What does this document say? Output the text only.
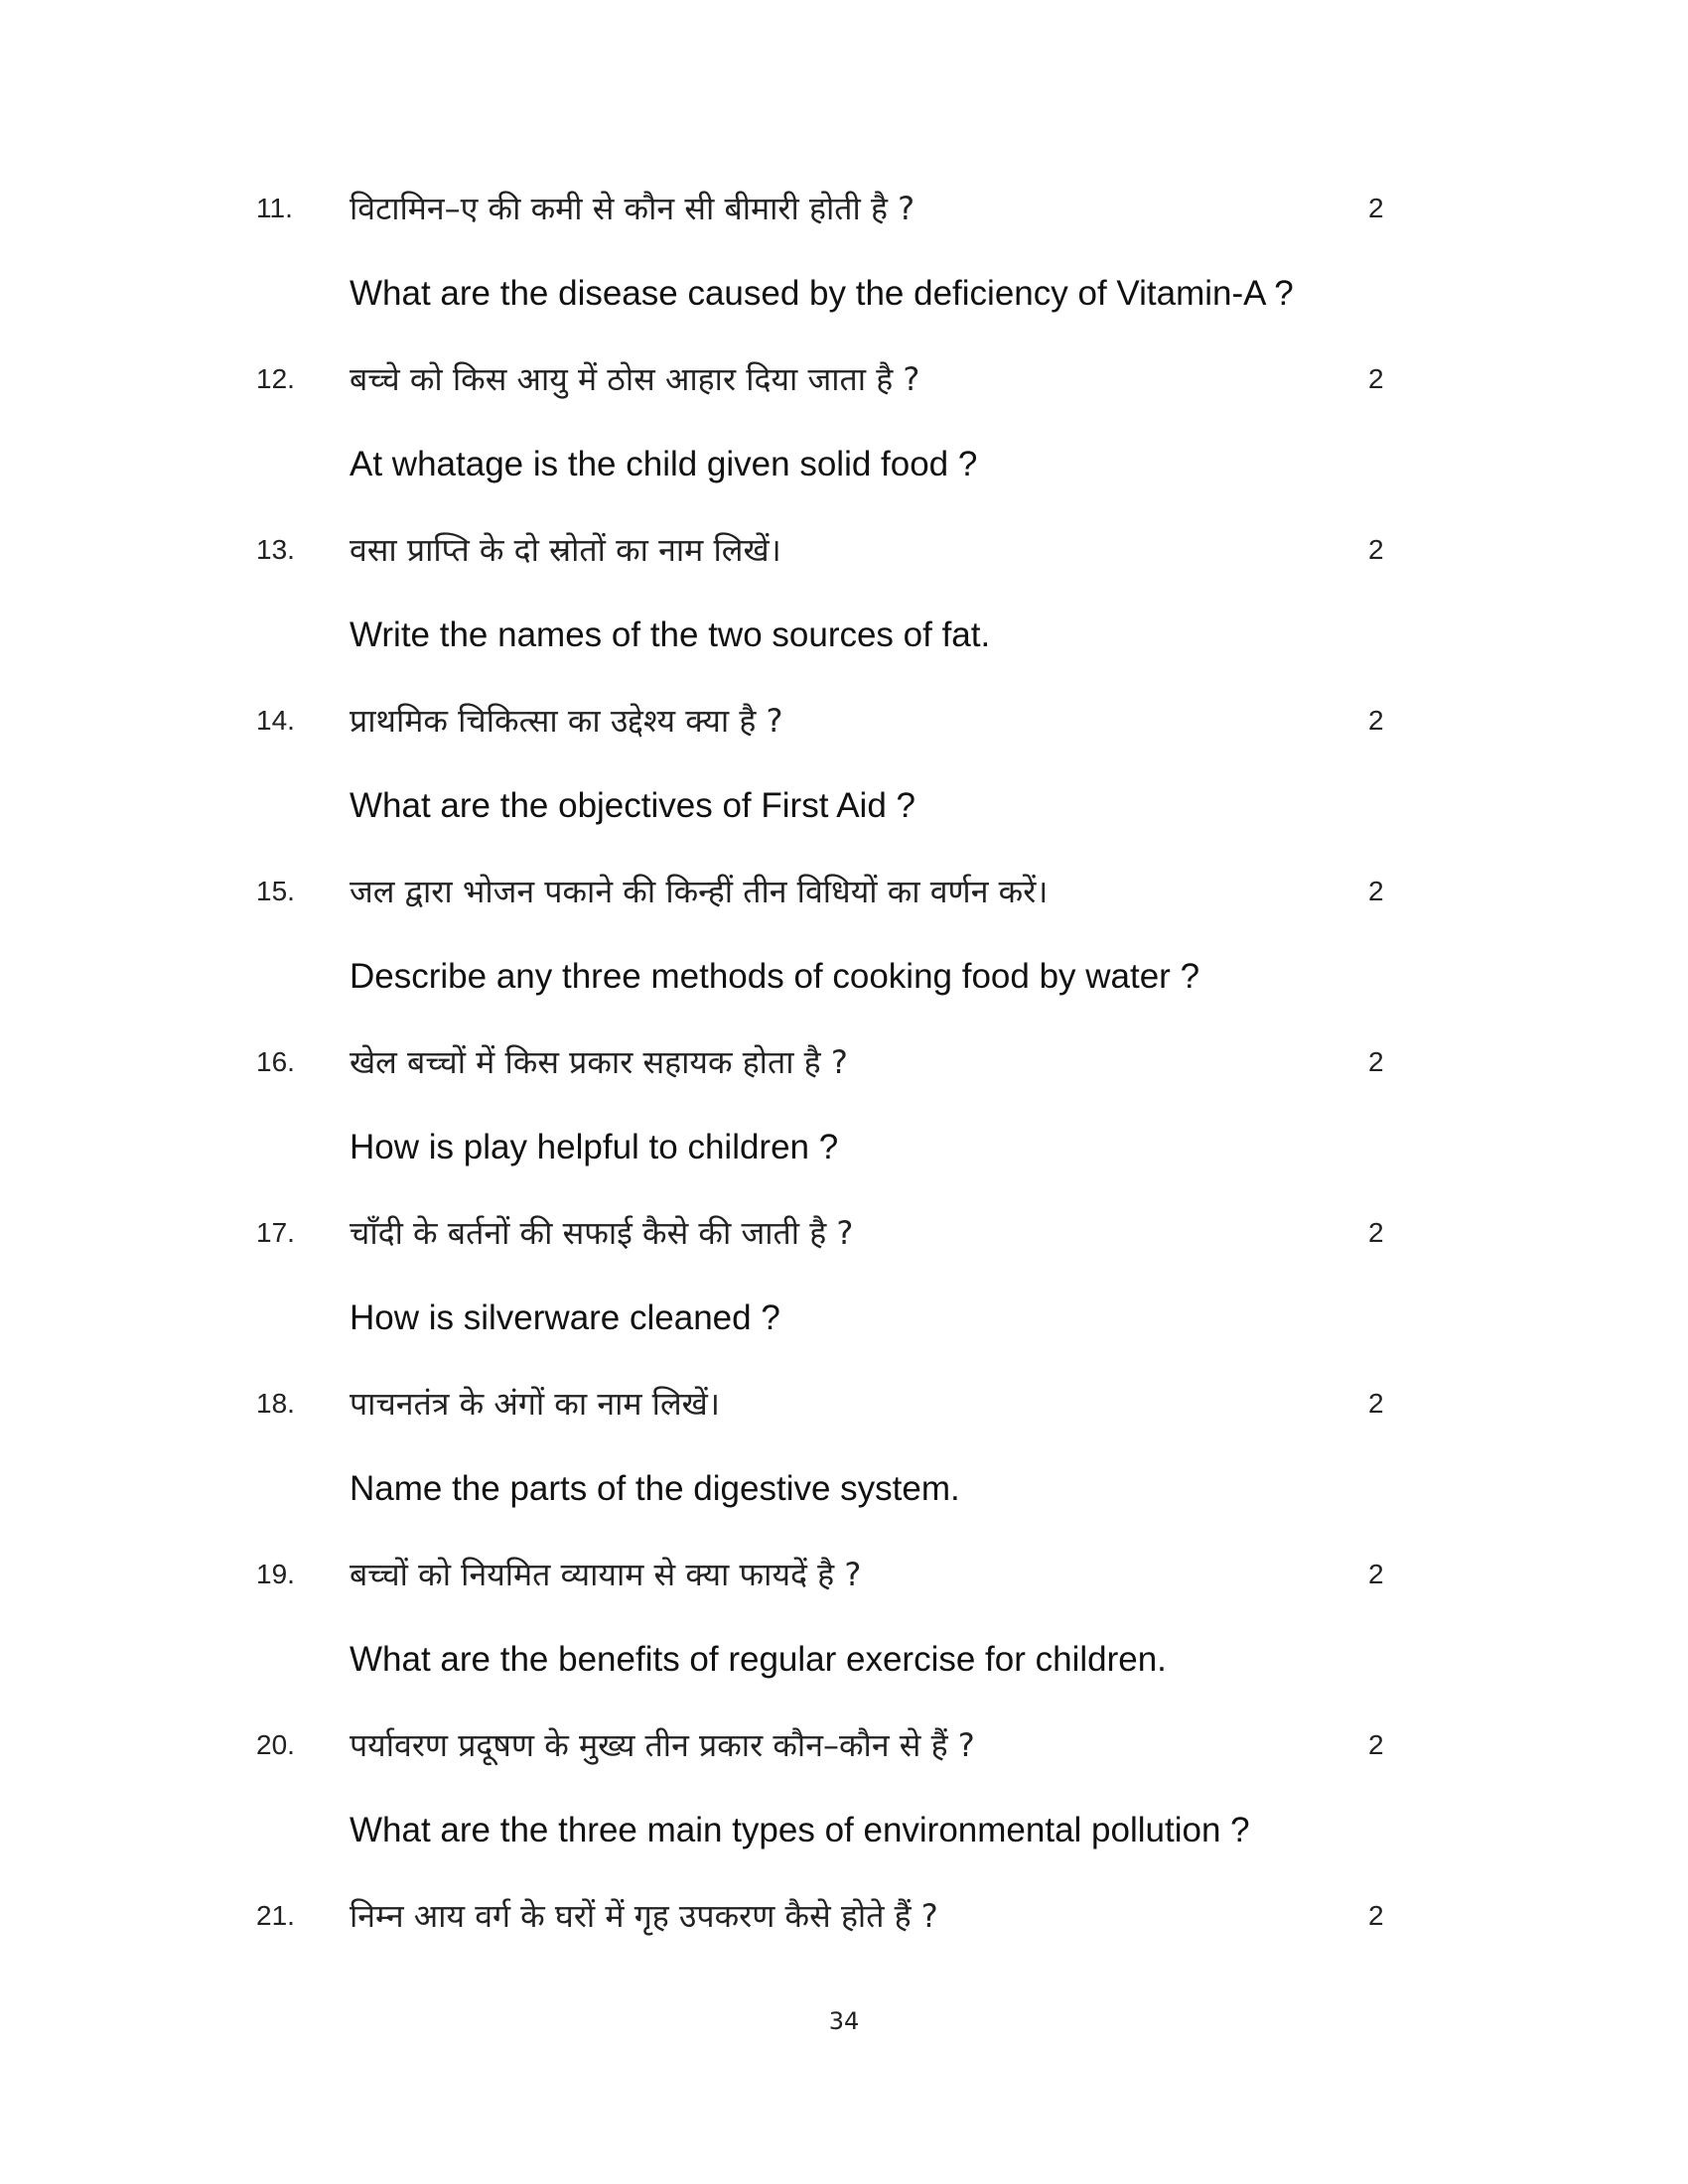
11. विटामिन–ए की कमी से कौन सी बीमारी होती है ?	2
What are the disease caused by the deficiency of Vitamin-A ?
12. बच्चे को किस आयु में ठोस आहार दिया जाता है ?	2
At whatage is the child given solid food ?
13. वसा प्राप्ति के दो स्रोतों का नाम लिखें।	2
Write the names of the two sources of fat.
14. प्राथमिक चिकित्सा का उद्देश्य क्या है ?	2
What are the objectives of First Aid ?
15. जल द्वारा भोजन पकाने की किन्हीं तीन विधियों का वर्णन करें।	2
Describe any three methods of cooking food by water ?
16. खेल बच्चों में किस प्रकार सहायक होता है ?	2
How is play helpful to children ?
17. चाँदी के बर्तनों की सफाई कैसे की जाती है ?	2
How is silverware cleaned ?
18. पाचनतंत्र के अंगों का नाम लिखें।	2
Name the parts of the digestive system.
19. बच्चों को नियमित व्यायाम से क्या फायदें है ?	2
What are the benefits of regular exercise for children.
20. पर्यावरण प्रदूषण के मुख्य तीन प्रकार कौन–कौन से हैं ?	2
What are the three main types of environmental pollution ?
21. निम्न आय वर्ग के घरों में गृह उपकरण कैसे होते हैं ?	2
34
